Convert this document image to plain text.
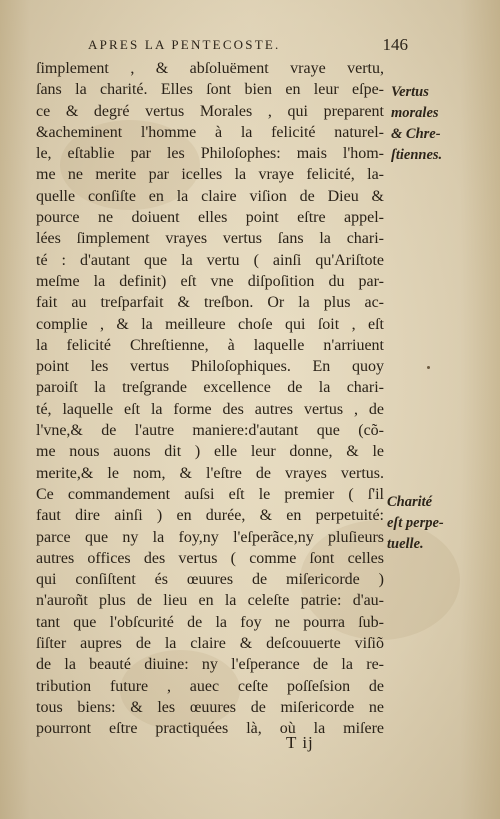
APRES LA PENTECOSTE.	146
ſimplement , & abſoluëment vraye vertu,
ſans la charité. Elles ſont bien en leur eſpe-
ce & degré vertus Morales , qui preparent
&acheminent l'homme à la felicité naturel-
le, eſtablie par les Philoſophes: mais l'hom-
me ne merite par icelles la vraye felicité, la-
quelle conſiſte en la claire viſion de Dieu &
pource ne doiuent elles point eſtre appel-
lées ſimplement vrayes vertus ſans la chari-
té : d'autant que la vertu ( ainſi qu'Ariſtote
meſme la definit) eſt vne diſpoſition du par-
fait au treſparfait & treſbon. Or la plus ac-
complie , & la meilleure choſe qui ſoit , eſt
la felicité Chreſtienne, à laquelle n'arriuent
point les vertus Philoſophiques. En quoy
paroiſt la treſgrande excellence de la chari-
té, laquelle eſt la forme des autres vertus , de
l'vne,& de l'autre maniere:d'autant que (cõ-
me nous auons dit ) elle leur donne, & le
merite,& le nom, & l'eſtre de vrayes vertus.
Ce commandement auſsi eſt le premier ( ſ'il
faut dire ainſi ) en durée, & en perpetuité:
parce que ny la foy,ny l'eſperãce,ny pluſieurs
autres offices des vertus ( comme ſont celles
qui conſiſtent és œuures de miſericorde )
n'auroñt plus de lieu en la celeſte patrie: d'au-
tant que l'obſcurité de la foy ne pourra ſub-
ſiſter aupres de la claire & deſcouuerte viſiõ
de la beauté diuine: ny l'eſperance de la re-
tribution future , auec ceſte poſſeſsion de
tous biens: & les œuures de miſericorde ne
pourront eſtre practiquées là, où la miſere
Vertus
morales
& Chre-
ſtiennes.
Charité
eſt perpe-
tuelle.
T ij
